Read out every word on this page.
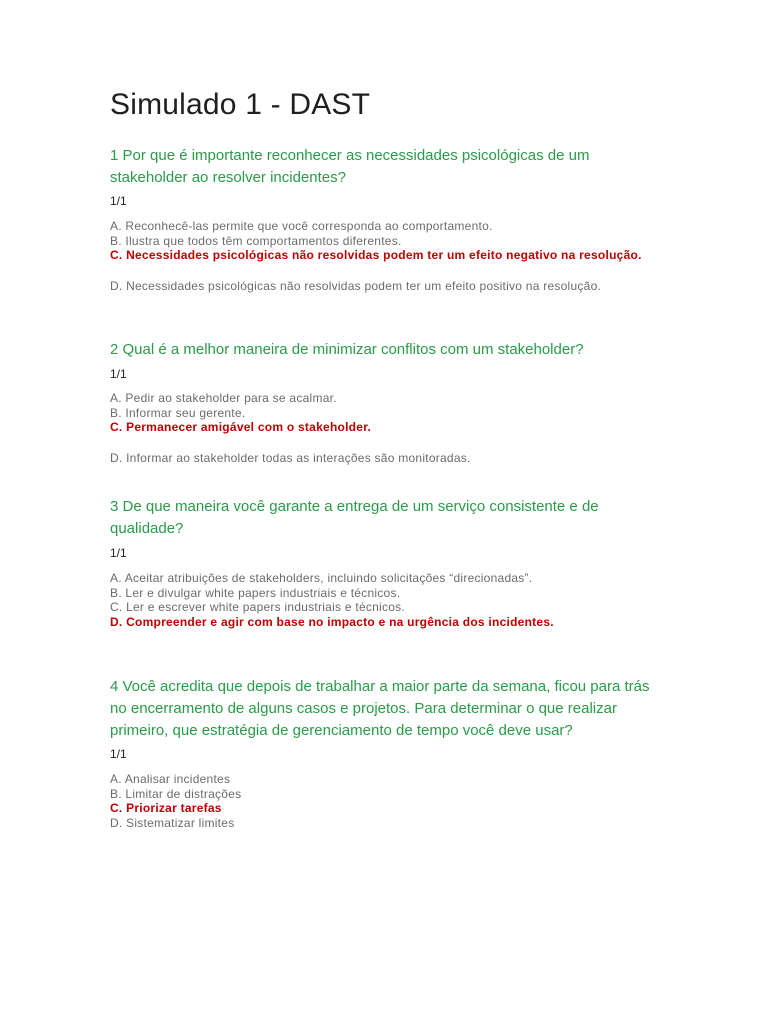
Simulado 1 - DAST
1 Por que é importante reconhecer as necessidades psicológicas de um stakeholder ao resolver incidentes?
1/1
A. Reconhecê-las permite que você corresponda ao comportamento.
B. Ilustra que todos têm comportamentos diferentes.
C. Necessidades psicológicas não resolvidas podem ter um efeito negativo na resolução.
D. Necessidades psicológicas não resolvidas podem ter um efeito positivo na resolução.
2 Qual é a melhor maneira de minimizar conflitos com um stakeholder?
1/1
A. Pedir ao stakeholder para se acalmar.
B. Informar seu gerente.
C. Permanecer amigável com o stakeholder.
D. Informar ao stakeholder todas as interações são monitoradas.
3 De que maneira você garante a entrega de um serviço consistente e de qualidade?
1/1
A. Aceitar atribuições de stakeholders, incluindo solicitações “direcionadas”.
B. Ler e divulgar white papers industriais e técnicos.
C. Ler e escrever white papers industriais e técnicos.
D. Compreender e agir com base no impacto e na urgência dos incidentes.
4 Você acredita que depois de trabalhar a maior parte da semana, ficou para trás no encerramento de alguns casos e projetos. Para determinar o que realizar primeiro, que estratégia de gerenciamento de tempo você deve usar?
1/1
A. Analisar incidentes
B. Limitar de distrações
C. Priorizar tarefas
D. Sistematizar limites
